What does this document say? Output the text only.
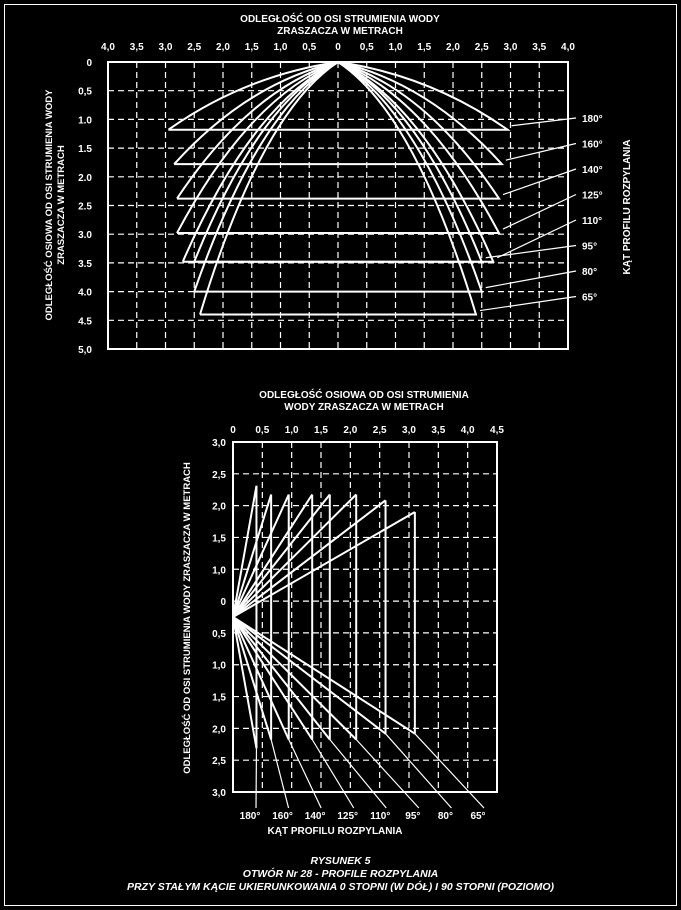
ODLEGŁOŚĆ OD OSI STRUMIENIA WODY
ZRASZACZA W METRACH
ODLEGŁOŚĆ OSIOWA OD OSI STRUMIENIA WODY ZRASZACZA W METRACH	KĄT PROFILU ROZPYLANIA
4,0 3,5 3,0 2,5 2,0 1,5 1,0 0,5 0 0,5 1,0 1,5 2,0 2,5 3,0 3,5 4,0
0
0,5
1.0
1.5
2.0
2.5
3.0
3.5
4.0
4.5
5,0
180°
160°
140°
125°
110°
95°
80°
65°
ODLEGŁOŚĆ OSIOWA OD OSI STRUMIENIA
WODY ZRASZACZA W METRACH
ODLEGŁOŚĆ OD OSI STRUMIENIA WODY ZRASZACZA W METRACH
KĄT PROFILU ROZPYLANIA
0 0,5 1,0 1,5 2,0 2,5 3,0 3,5 4,0 4,5
3,0
2,5
2,0
1,5
1,0
0
0,5
1,0
1,5
2,0
2,5
3,0
180° 160° 140° 125° 110° 95° 80° 65°
RYSUNEK 5
OTWÓR Nr 28 - PROFILE ROZPYLANIA
PRZY STAŁYM KĄCIE UKIERUNKOWANIA 0 STOPNI (W DÓŁ) I 90 STOPNI (POZIOMO)
